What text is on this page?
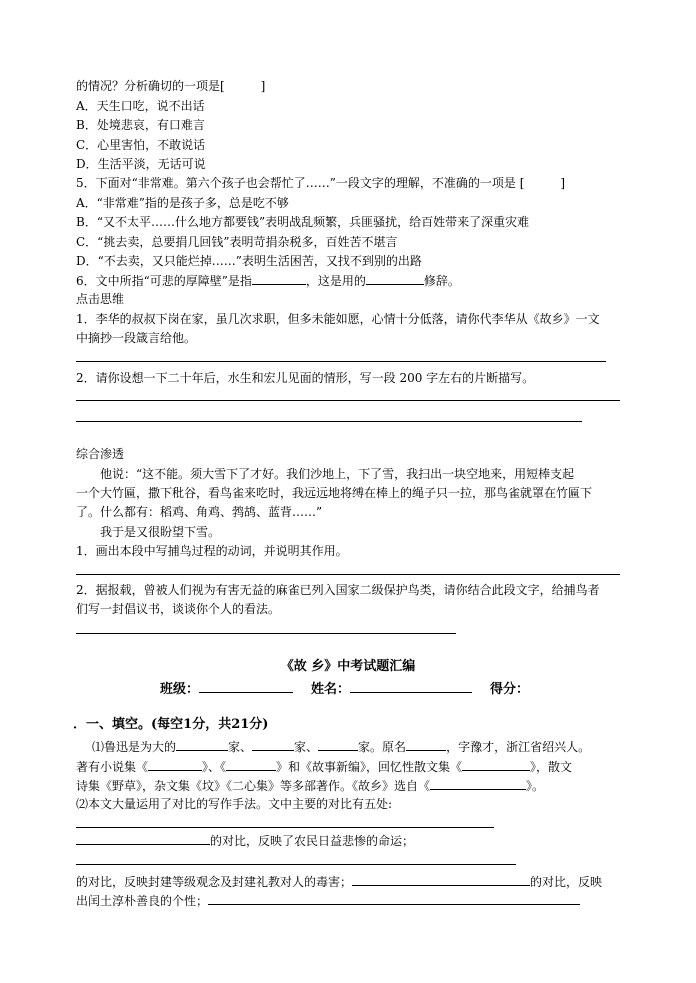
的情况？分析确切的一项是[　　　]
A．天生口吃，说不出话
B．处境悲哀，有口难言
C．心里害怕，不敢说话
D．生活平淡，无话可说
5．下面对“非常难。第六个孩子也会帮忙了……”一段文字的理解，不准确的一项是 [　　　]
A．“非常难”指的是孩子多，总是吃不够
B．“又不太平……什么地方都要钱”表明战乱频繁，兵匪骚扰，给百姓带来了深重灾难
C．“挑去卖，总要捐几回钱”表明苛捐杂税多，百姓苦不堪言
D．“不去卖，又只能烂掉……”表明生活困苦，又找不到别的出路
6．文中所指“可悲的厚障壁”是指	，这是用的	修辞。
点击思维
1．李华的叔叔下岗在家，虽几次求职，但多未能如愿，心情十分低落，请你代李华从《故乡》一文
中摘抄一段箴言给他。
2．请你设想一下二十年后，水生和宏儿见面的情形，写一段 200 字左右的片断描写。
综合渗透
他说：“这不能。须大雪下了才好。我们沙地上，下了雪，我扫出一块空地来，用短棒支起
一个大竹匾，撒下秕谷，看鸟雀来吃时，我远远地将缚在棒上的绳子只一拉，那鸟雀就罩在竹匾下
了。什么都有：稻鸡、角鸡、鹁鸪、蓝背……”
我于是又很盼望下雪。
1．画出本段中写捕鸟过程的动词，并说明其作用。
2．据报载，曾被人们视为有害无益的麻雀已列入国家二级保护鸟类，请你结合此段文字，给捕鸟者
们写一封倡议书，谈谈你个人的看法。
《故 乡》中考试题汇编
班级：	姓名：	得分：
．一、填空。(每空1分，共21分)
⑴鲁迅是为大的	家、	家、	家。原名	，字豫才，浙江省绍兴人。
著有小说集《	》、《	》和《故事新编》，回忆性散文集《	》，散文
诗集《野草》，杂文集《坟》《二心集》等多部著作。《故乡》选自《	》。
⑵本文大量运用了对比的写作手法。文中主要的对比有五处:
的对比，反映了农民日益悲惨的命运；
的对比，反映封建等级观念及封建礼教对人的毒害；	的对比，反映
出闰土淳朴善良的个性；
